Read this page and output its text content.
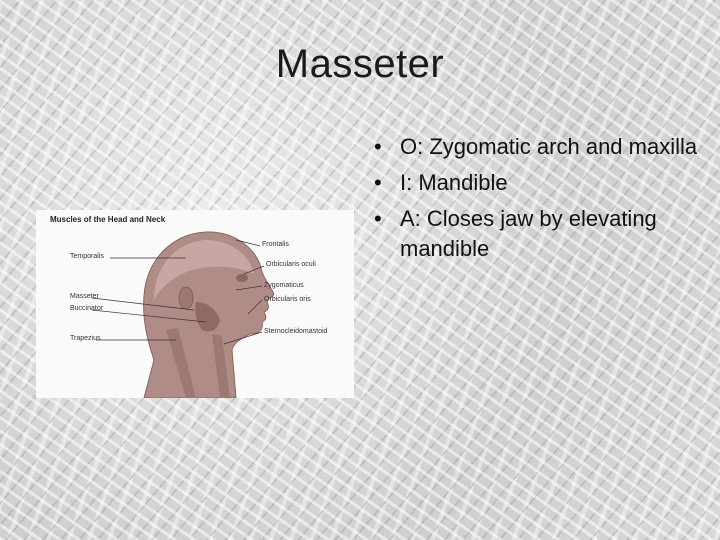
Masseter
Muscles of the Head and Neck
Temporalis
Masseter
Buccinator
Trapezius
Frontalis
Orbicularis oculi
Zygomaticus
Orbicularis oris
Sternocleidomastoid
• O: Zygomatic arch and maxilla
• I: Mandible
• A: Closes jaw by elevating mandible
